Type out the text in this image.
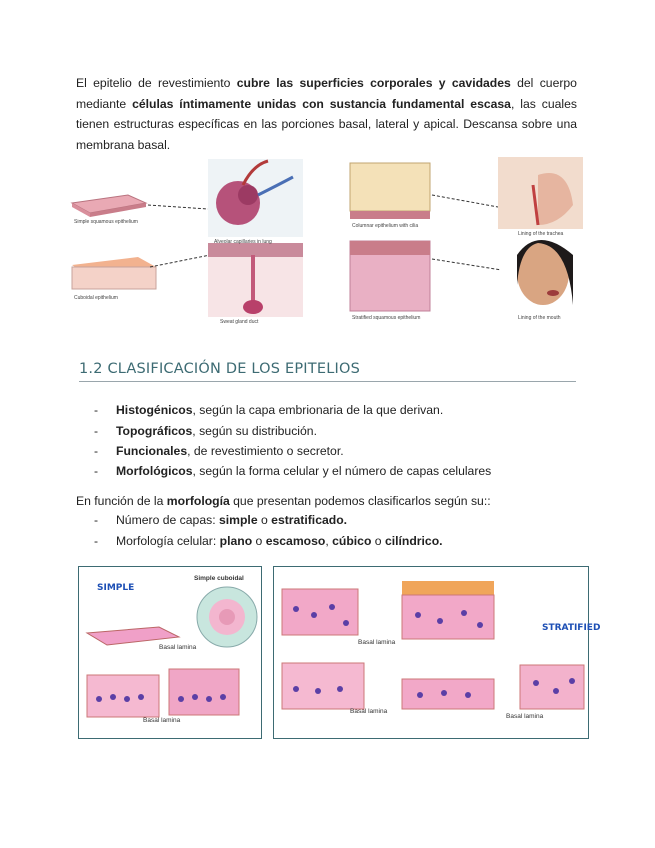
El epitelio de revestimiento cubre las superficies corporales y cavidades del cuerpo mediante células íntimamente unidas con sustancia fundamental escasa, las cuales tienen estructuras específicas en las porciones basal, lateral y apical. Descansa sobre una membrana basal.
Simple squamous epithelium
Alveolar capillaries in lung
Cuboidal epithelium
Sweat gland duct
Columnar epithelium with cilia
Lining of the trachea
Stratified squamous epithelium	Lining of the mouth
1.2 CLASIFICACIÓN DE LOS EPITELIOS
- Histogénicos, según la capa embrionaria de la que derivan.
- Topográficos, según su distribución.
- Funcionales, de revestimiento o secretor.
- Morfológicos, según la forma celular y el número de capas celulares
En función de la morfología que presentan podemos clasificarlos según su::
- Número de capas: simple o estratificado.
- Morfología celular: plano o escamoso, cúbico o cilíndrico.
SIMPLE
Simple cuboidal
Basal lamina
Basal lamina
Basal lamina
STRATIFIED
Basal lamina
Basal lamina
